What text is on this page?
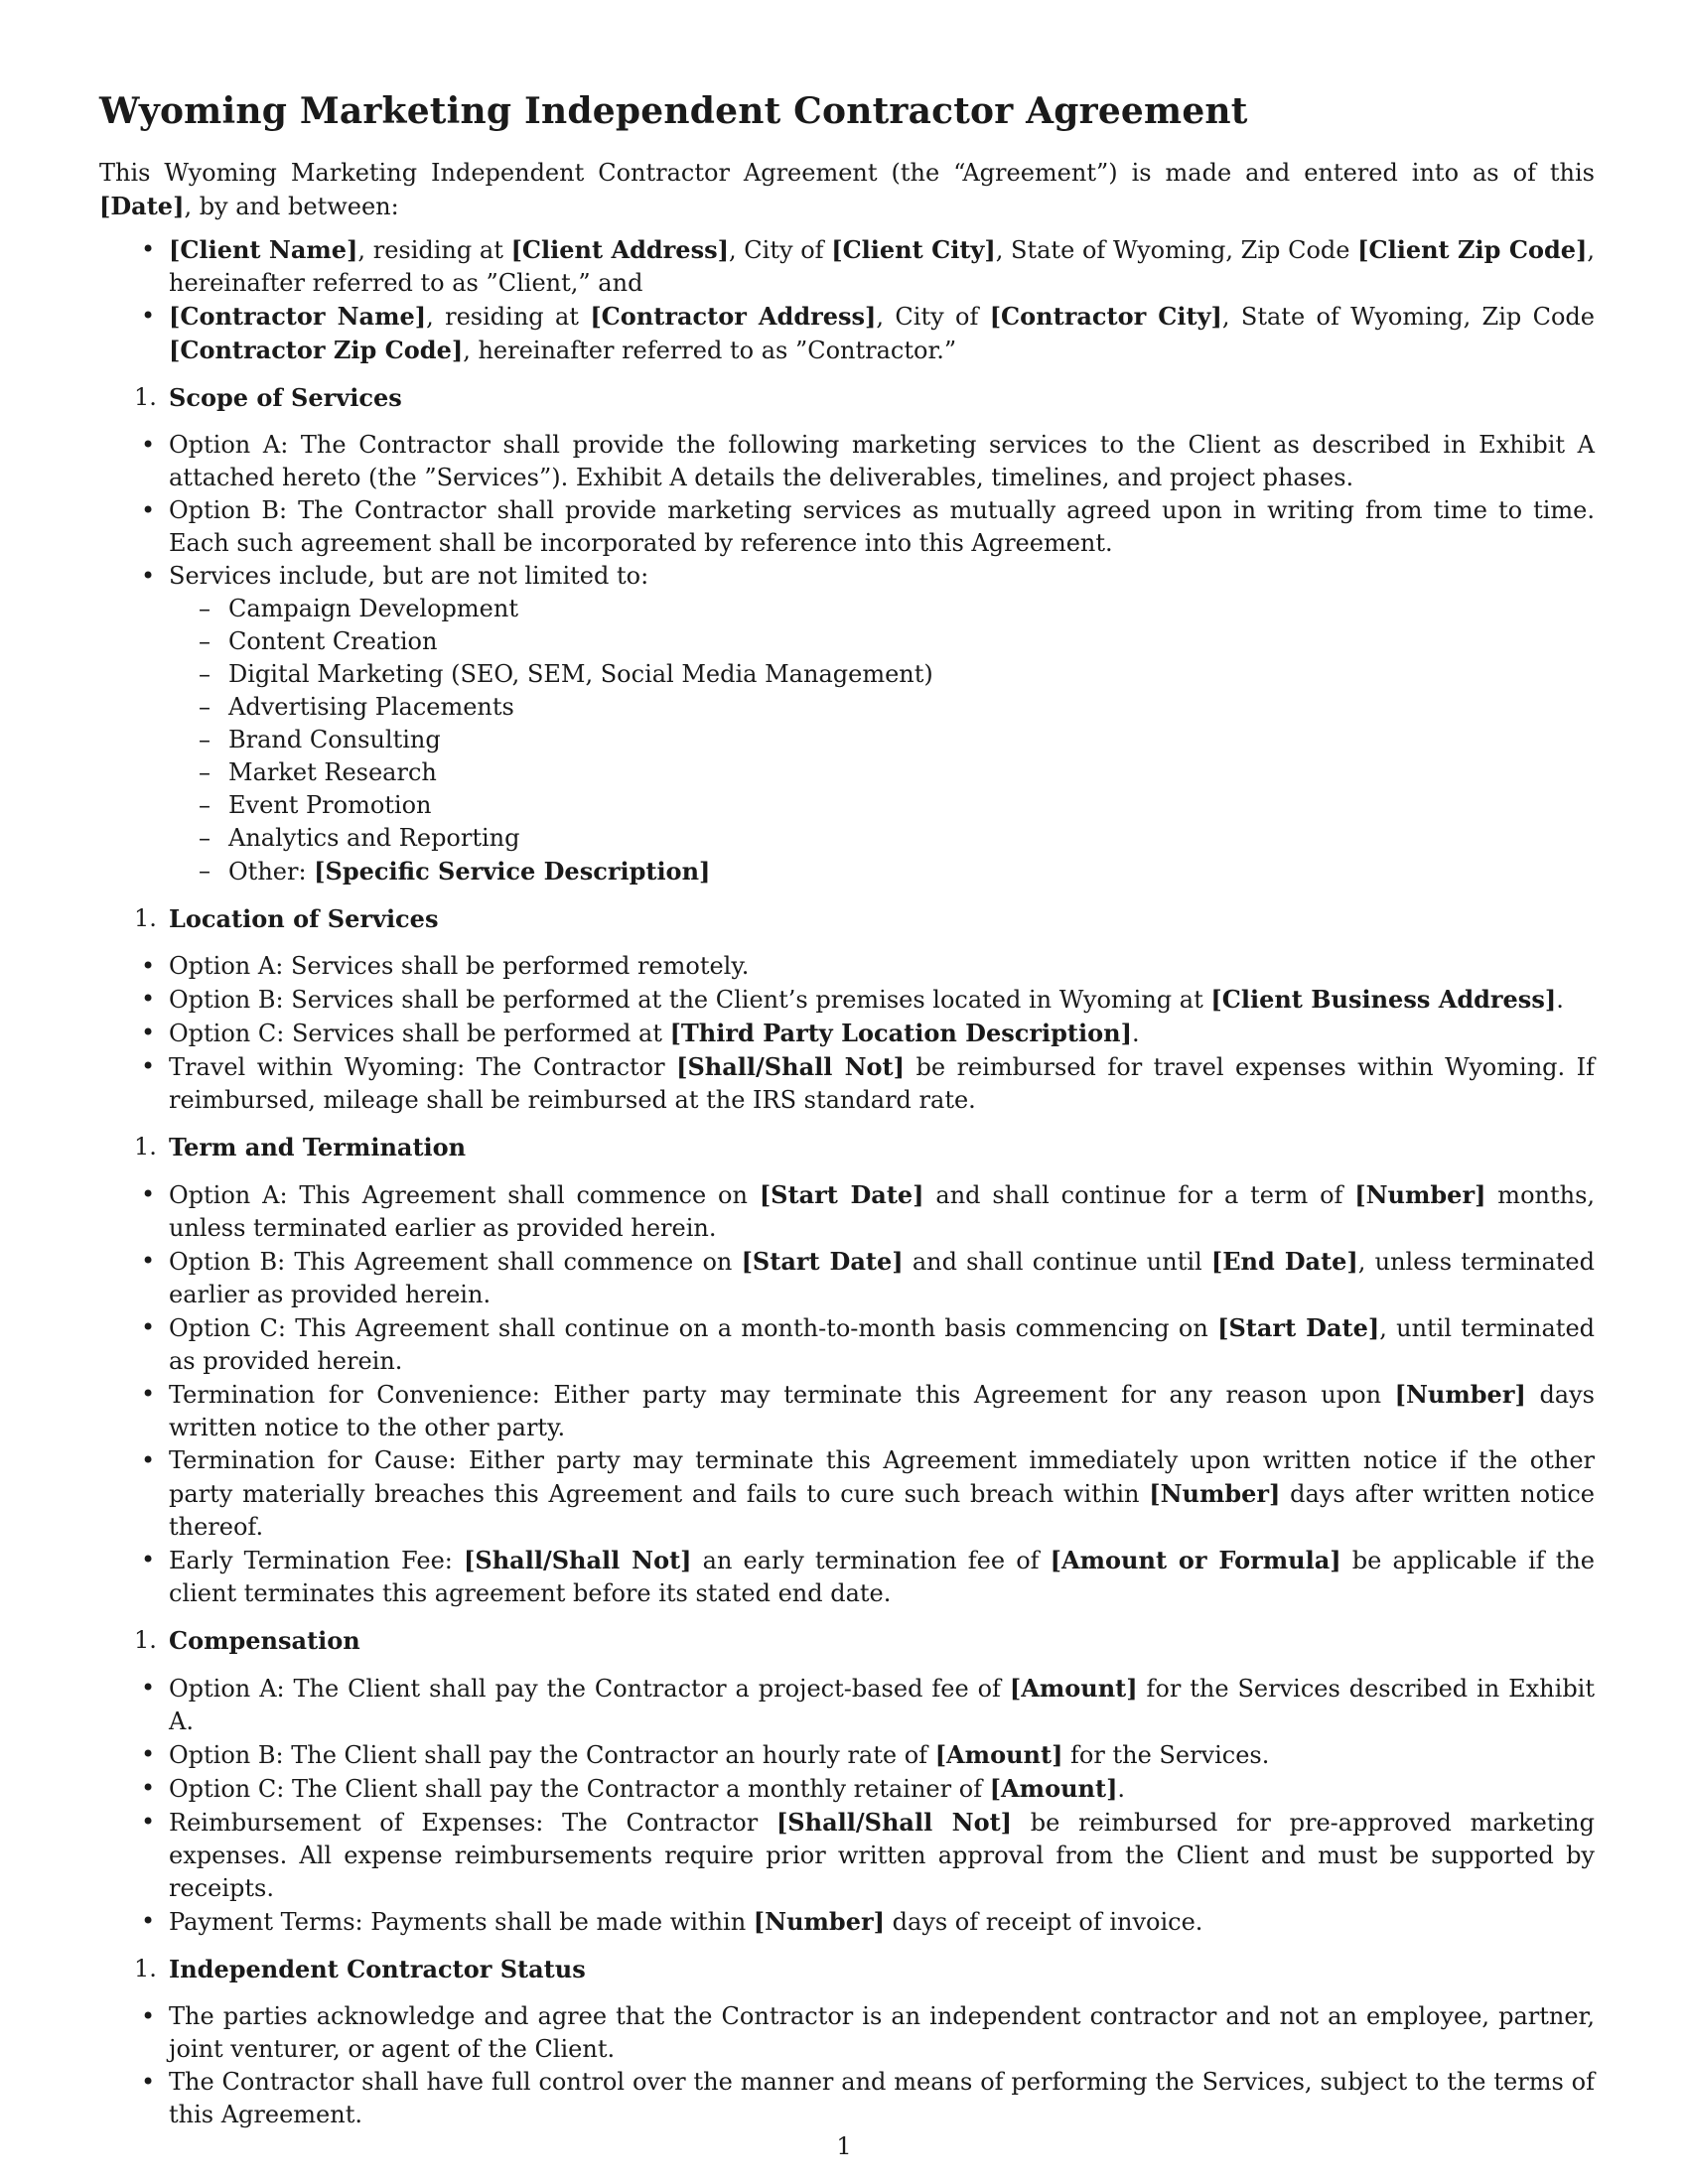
Wyoming Marketing Independent Contractor Agreement
This Wyoming Marketing Independent Contractor Agreement (the “Agreement”) is made and entered into as of this [Date], by and between:
• [Client Name], residing at [Client Address], City of [Client City], State of Wyoming, Zip Code [Client Zip Code], hereinafter referred to as ”Client,” and
• [Contractor Name], residing at [Contractor Address], City of [Contractor City], State of Wyoming, Zip Code [Contractor Zip Code], hereinafter referred to as ”Contractor.”
1. Scope of Services
• Option A: The Contractor shall provide the following marketing services to the Client as described in Exhibit A attached hereto (the ”Services”). Exhibit A details the deliverables, timelines, and project phases.
• Option B: The Contractor shall provide marketing services as mutually agreed upon in writing from time to time. Each such agreement shall be incorporated by reference into this Agreement.
• Services include, but are not limited to:
– Campaign Development
– Content Creation
– Digital Marketing (SEO, SEM, Social Media Management)
– Advertising Placements
– Brand Consulting
– Market Research
– Event Promotion
– Analytics and Reporting
– Other: [Specific Service Description]
1. Location of Services
• Option A: Services shall be performed remotely.
• Option B: Services shall be performed at the Client’s premises located in Wyoming at [Client Business Address].
• Option C: Services shall be performed at [Third Party Location Description].
• Travel within Wyoming: The Contractor [Shall/Shall Not] be reimbursed for travel expenses within Wyoming. If reimbursed, mileage shall be reimbursed at the IRS standard rate.
1. Term and Termination
• Option A: This Agreement shall commence on [Start Date] and shall continue for a term of [Number] months, unless terminated earlier as provided herein.
• Option B: This Agreement shall commence on [Start Date] and shall continue until [End Date], unless terminated earlier as provided herein.
• Option C: This Agreement shall continue on a month-to-month basis commencing on [Start Date], until terminated as provided herein.
• Termination for Convenience: Either party may terminate this Agreement for any reason upon [Number] days written notice to the other party.
• Termination for Cause: Either party may terminate this Agreement immediately upon written notice if the other party materially breaches this Agreement and fails to cure such breach within [Number] days after written notice thereof.
• Early Termination Fee: [Shall/Shall Not] an early termination fee of [Amount or Formula] be applicable if the client terminates this agreement before its stated end date.
1. Compensation
• Option A: The Client shall pay the Contractor a project-based fee of [Amount] for the Services described in Exhibit A.
• Option B: The Client shall pay the Contractor an hourly rate of [Amount] for the Services.
• Option C: The Client shall pay the Contractor a monthly retainer of [Amount].
• Reimbursement of Expenses: The Contractor [Shall/Shall Not] be reimbursed for pre-approved marketing expenses. All expense reimbursements require prior written approval from the Client and must be supported by receipts.
• Payment Terms: Payments shall be made within [Number] days of receipt of invoice.
1. Independent Contractor Status
• The parties acknowledge and agree that the Contractor is an independent contractor and not an employee, partner, joint venturer, or agent of the Client.
• The Contractor shall have full control over the manner and means of performing the Services, subject to the terms of this Agreement.
1
